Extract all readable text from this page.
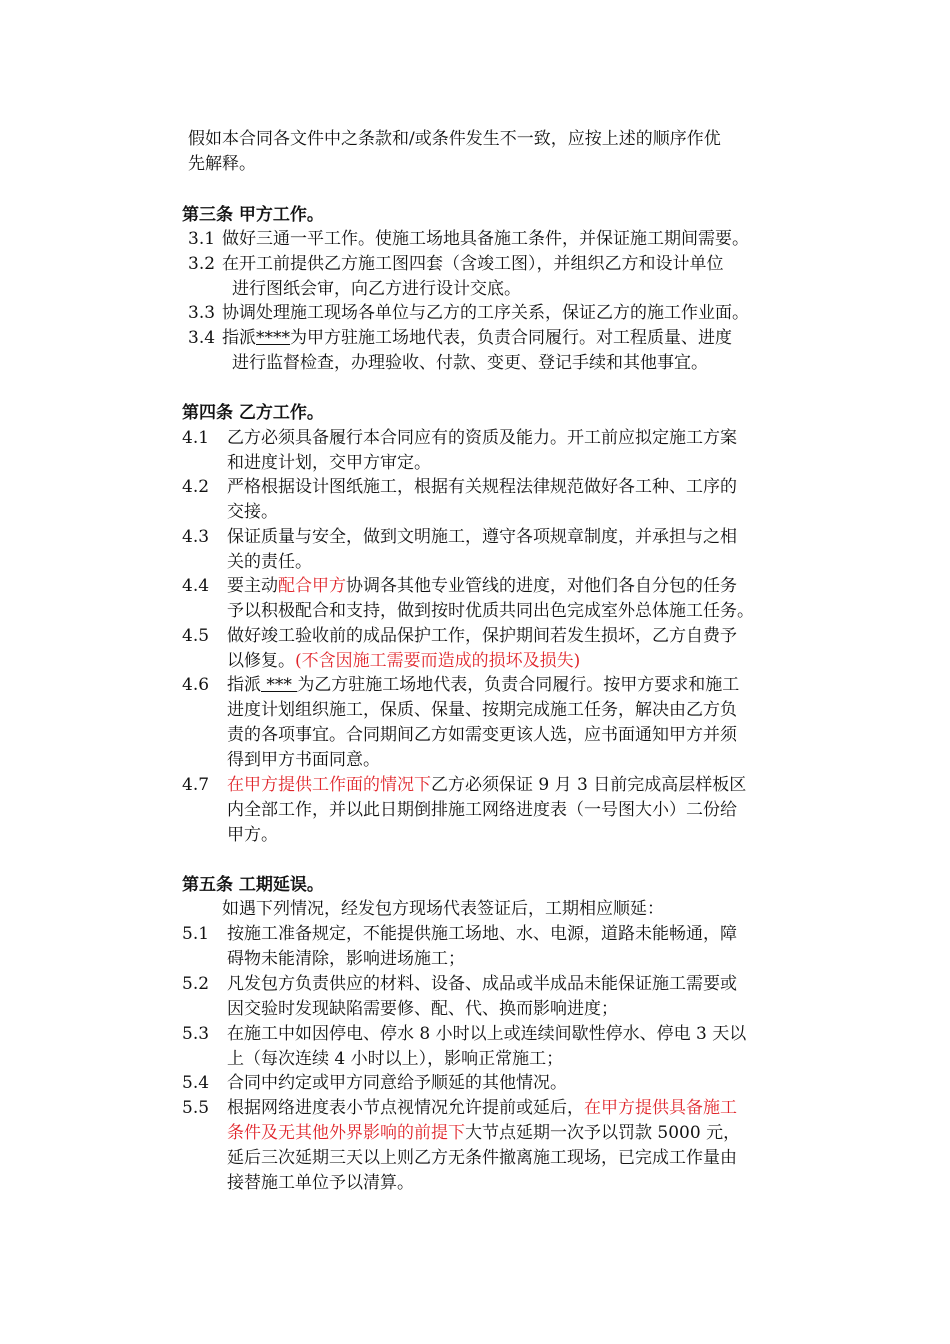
假如本合同各文件中之条款和/或条件发生不一致，应按上述的顺序作优
先解释。
第三条 甲方工作。
3.1 做好三通一平工作。使施工场地具备施工条件，并保证施工期间需要。
3.2 在开工前提供乙方施工图四套（含竣工图），并组织乙方和设计单位
进行图纸会审，向乙方进行设计交底。
3.3 协调处理施工现场各单位与乙方的工序关系，保证乙方的施工作业面。
3.4 指派****为甲方驻施工场地代表，负责合同履行。对工程质量、进度
进行监督检查，办理验收、付款、变更、登记手续和其他事宜。
第四条 乙方工作。
4.1 乙方必须具备履行本合同应有的资质及能力。开工前应拟定施工方案
和进度计划，交甲方审定。
4.2 严格根据设计图纸施工，根据有关规程法律规范做好各工种、工序的
交接。
4.3 保证质量与安全，做到文明施工，遵守各项规章制度，并承担与之相
关的责任。
4.4 要主动配合甲方协调各其他专业管线的进度，对他们各自分包的任务
予以积极配合和支持，做到按时优质共同出色完成室外总体施工任务。
4.5 做好竣工验收前的成品保护工作，保护期间若发生损坏，乙方自费予
以修复。(不含因施工需要而造成的损坏及损失)
4.6 指派 *** 为乙方驻施工场地代表，负责合同履行。按甲方要求和施工
进度计划组织施工，保质、保量、按期完成施工任务，解决由乙方负
责的各项事宜。合同期间乙方如需变更该人选，应书面通知甲方并须
得到甲方书面同意。
4.7 在甲方提供工作面的情况下乙方必须保证 9 月 3 日前完成高层样板区
内全部工作，并以此日期倒排施工网络进度表（一号图大小）二份给
甲方。
第五条 工期延误。
如遇下列情况，经发包方现场代表签证后，工期相应顺延：
5.1 按施工准备规定，不能提供施工场地、水、电源，道路未能畅通，障
碍物未能清除，影响进场施工；
5.2 凡发包方负责供应的材料、设备、成品或半成品未能保证施工需要或
因交验时发现缺陷需要修、配、代、换而影响进度；
5.3 在施工中如因停电、停水 8 小时以上或连续间歇性停水、停电 3 天以
上（每次连续 4 小时以上），影响正常施工；
5.4 合同中约定或甲方同意给予顺延的其他情况。
5.5 根据网络进度表小节点视情况允许提前或延后，在甲方提供具备施工
条件及无其他外界影响的前提下大节点延期一次予以罚款 5000 元，
延后三次延期三天以上则乙方无条件撤离施工现场，已完成工作量由
接替施工单位予以清算。
